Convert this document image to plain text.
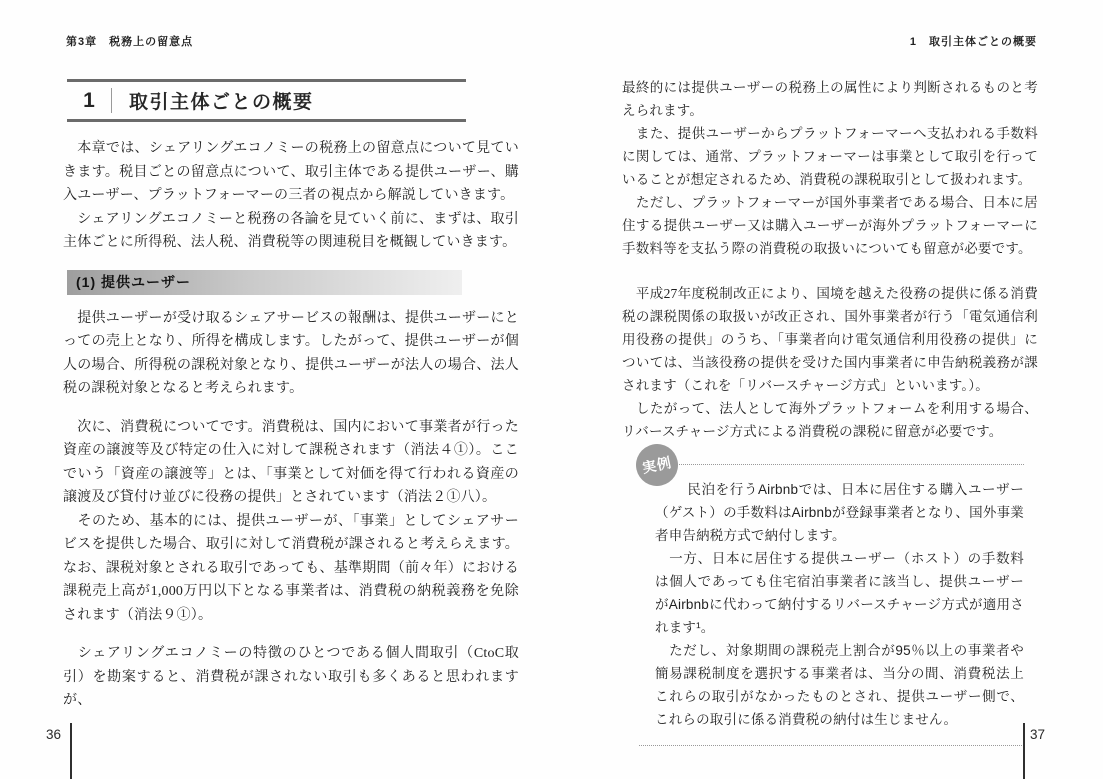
第3章　税務上の留意点	1　取引主体ごとの概要
1	取引主体ごとの概要

　本章では、シェアリングエコノミーの税務上の留意点について見ていきます。税目ごとの留意点について、取引主体である提供ユーザー、購入ユーザー、プラットフォーマーの三者の視点から解説していきます。

　シェアリングエコノミーと税務の各論を見ていく前に、まずは、取引主体ごとに所得税、法人税、消費税等の関連税目を概観していきます。

(1) 提供ユーザー

　提供ユーザーが受け取るシェアサービスの報酬は、提供ユーザーにとっての売上となり、所得を構成します。したがって、提供ユーザーが個人の場合、所得税の課税対象となり、提供ユーザーが法人の場合、法人税の課税対象となると考えられます。

　次に、消費税についてです。消費税は、国内において事業者が行った資産の譲渡等及び特定の仕入に対して課税されます（消法４①）。ここでいう「資産の譲渡等」とは、「事業として対価を得て行われる資産の譲渡及び貸付け並びに役務の提供」とされています（消法２①八）。

　そのため、基本的には、提供ユーザーが、「事業」としてシェアサービスを提供した場合、取引に対して消費税が課されると考えらえます。なお、課税対象とされる取引であっても、基準期間（前々年）における課税売上高が1,000万円以下となる事業者は、消費税の納税義務を免除されます（消法９①）。

　シェアリングエコノミーの特徴のひとつである個人間取引（CtoC取引）を勘案すると、消費税が課されない取引も多くあると思われますが、

最終的には提供ユーザーの税務上の属性により判断されるものと考えられます。

　また、提供ユーザーからプラットフォーマーへ支払われる手数料に関しては、通常、プラットフォーマーは事業として取引を行っていることが想定されるため、消費税の課税取引として扱われます。

　ただし、プラットフォーマーが国外事業者である場合、日本に居住する提供ユーザー又は購入ユーザーが海外プラットフォーマーに手数料等を支払う際の消費税の取扱いについても留意が必要です。

　平成27年度税制改正により、国境を越えた役務の提供に係る消費税の課税関係の取扱いが改正され、国外事業者が行う「電気通信利用役務の提供」のうち、「事業者向け電気通信利用役務の提供」については、当該役務の提供を受けた国内事業者に申告納税義務が課されます（これを「リバースチャージ方式」といいます。）。

　したがって、法人として海外プラットフォームを利用する場合、リバースチャージ方式による消費税の課税に留意が必要です。

実例

民泊を行うAirbnbでは、日本に居住する購入ユーザー（ゲスト）の手数料はAirbnbが登録事業者となり、国外事業者申告納税方式で納付します。

　一方、日本に居住する提供ユーザー（ホスト）の手数料は個人であっても住宅宿泊事業者に該当し、提供ユーザーがAirbnbに代わって納付するリバースチャージ方式が適用されます¹。

　ただし、対象期間の課税売上割合が95％以上の事業者や簡易課税制度を選択する事業者は、当分の間、消費税法上これらの取引がなかったものとされ、提供ユーザー側で、これらの取引に係る消費税の納付は生じません。

36	37
